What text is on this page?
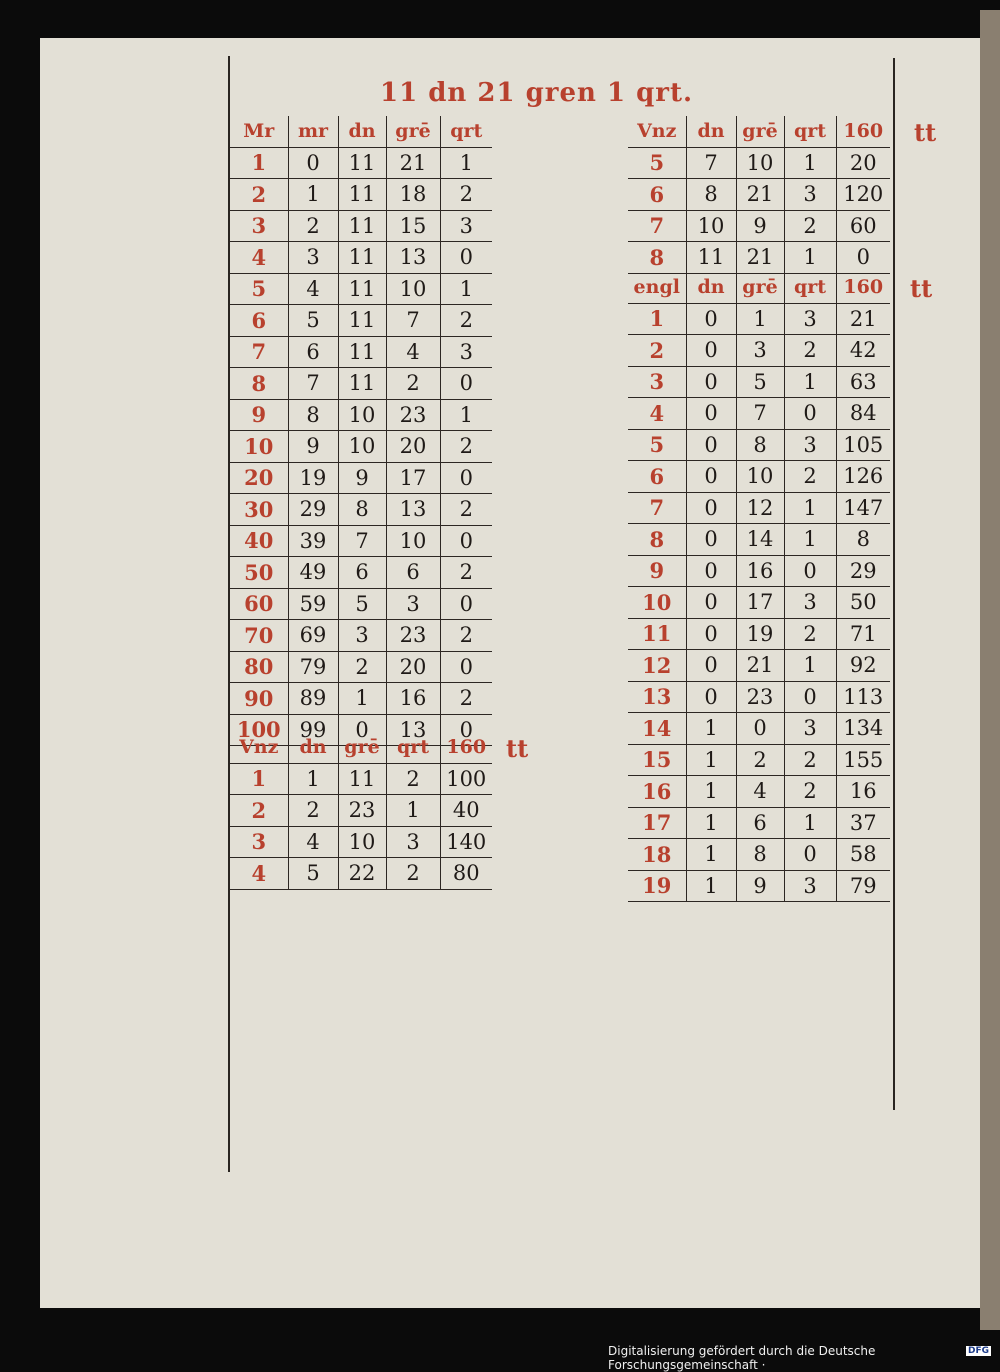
11 dn 21 gren 1 qrt.
Mr	mr	dn	grē	qrt
1	0	11	21	1
2	1	11	18	2
3	2	11	15	3
4	3	11	13	0
5	4	11	10	1
6	5	11	7	2
7	6	11	4	3
8	7	11	2	0
9	8	10	23	1
10	9	10	20	2
20	19	9	17	0
30	29	8	13	2
40	39	7	10	0
50	49	6	6	2
60	59	5	3	0
70	69	3	23	2
80	79	2	20	0
90	89	1	16	2
100	99	0	13	0
Vnz	dn	grē	qrt	160
1	1	11	2	100
2	2	23	1	40
3	4	10	3	140
4	5	22	2	80
tt
Vnz	dn	grē	qrt	160
5	7	10	1	20
6	8	21	3	120
7	10	9	2	60
8	11	21	1	0
tt
engl	dn	grē	qrt	160
1	0	1	3	21
2	0	3	2	42
3	0	5	1	63
4	0	7	0	84
5	0	8	3	105
6	0	10	2	126
7	0	12	1	147
8	0	14	1	8
9	0	16	0	29
10	0	17	3	50
11	0	19	2	71
12	0	21	1	92
13	0	23	0	113
14	1	0	3	134
15	1	2	2	155
16	1	4	2	16
17	1	6	1	37
18	1	8	0	58
19	1	9	3	79
tt
Digitalisierung gefördert durch die Deutsche Forschungsgemeinschaft ·
DFG
